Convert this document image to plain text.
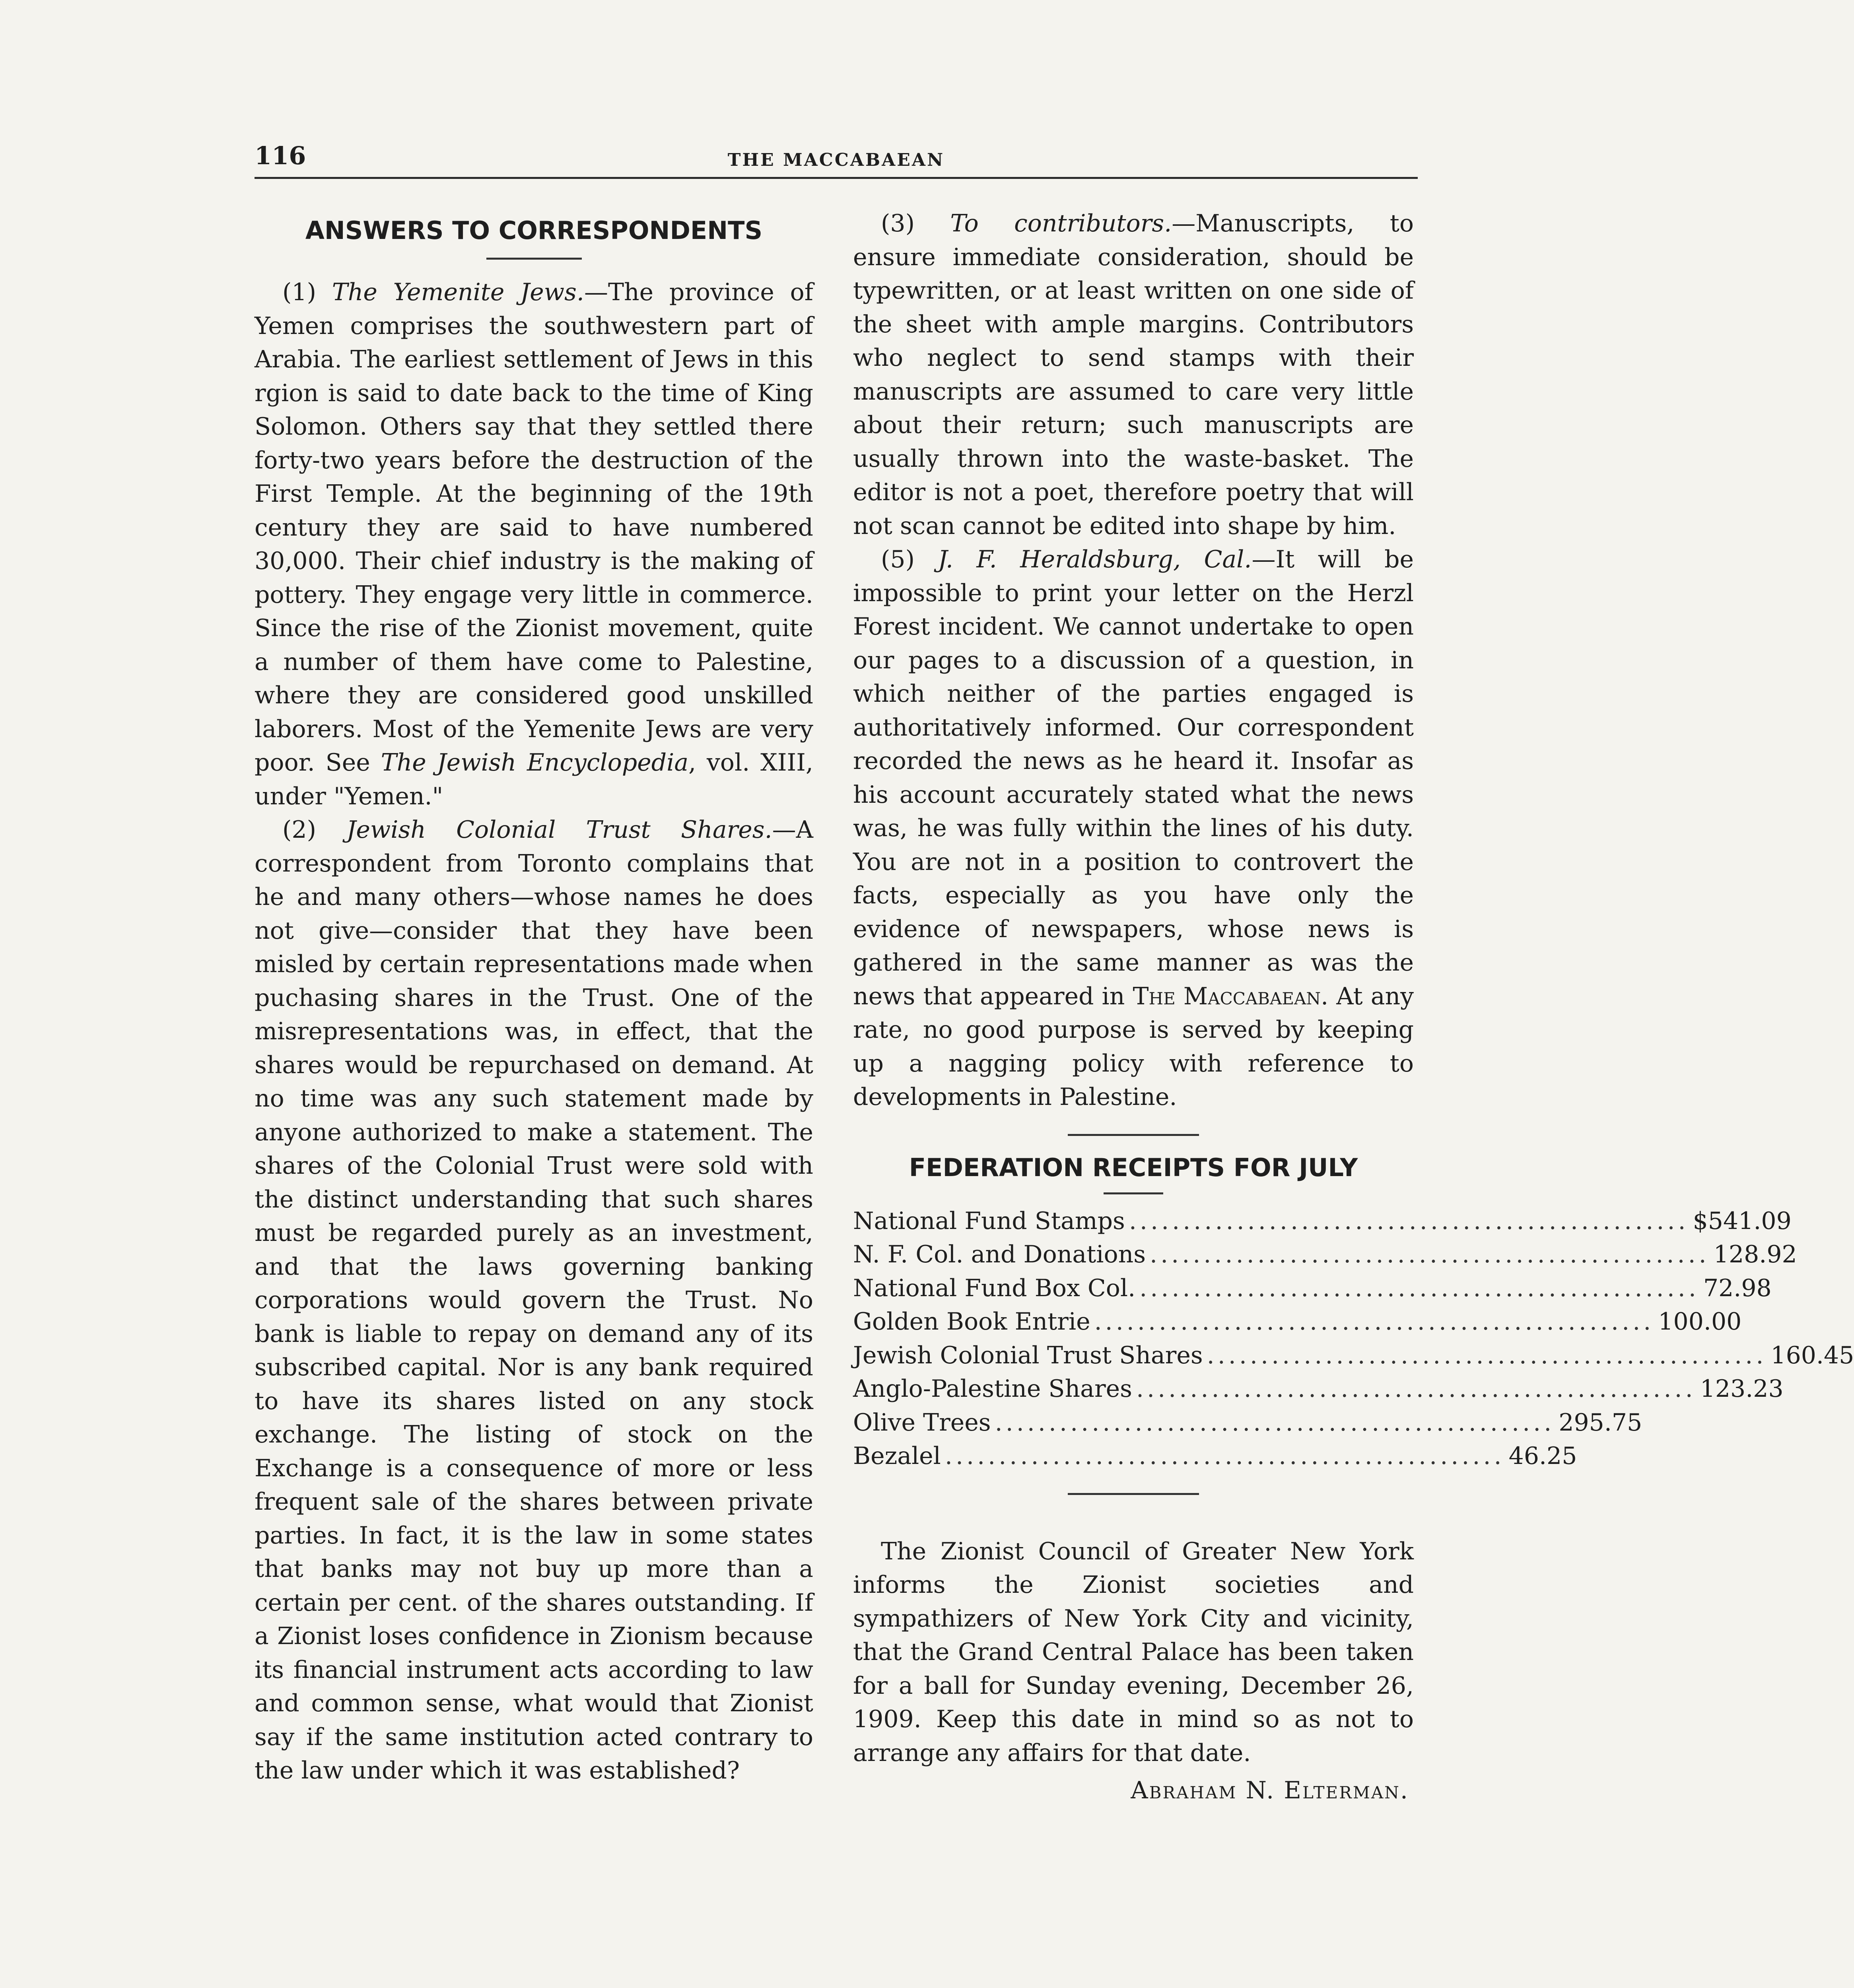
116	THE MACCABAEAN
ANSWERS TO CORRESPONDENTS

(1) The Yemenite Jews.—The province of Yemen comprises the southwestern part of Arabia. The earliest settlement of Jews in this rgion is said to date back to the time of King Solomon. Others say that they settled there forty-two years before the destruction of the First Temple. At the beginning of the 19th century they are said to have numbered 30,000. Their chief industry is the making of pottery. They engage very little in commerce. Since the rise of the Zionist movement, quite a number of them have come to Palestine, where they are considered good unskilled laborers. Most of the Yemenite Jews are very poor. See The Jewish Encyclopedia, vol. XIII, under "Yemen."

(2) Jewish Colonial Trust Shares.—A correspondent from Toronto complains that he and many others—whose names he does not give—consider that they have been misled by certain representations made when puchasing shares in the Trust. One of the misrepresentations was, in effect, that the shares would be repurchased on demand. At no time was any such statement made by anyone authorized to make a statement. The shares of the Colonial Trust were sold with the distinct understanding that such shares must be regarded purely as an investment, and that the laws governing banking corporations would govern the Trust. No bank is liable to repay on demand any of its subscribed capital. Nor is any bank required to have its shares listed on any stock exchange. The listing of stock on the Exchange is a consequence of more or less frequent sale of the shares between private parties. In fact, it is the law in some states that banks may not buy up more than a certain per cent. of the shares outstanding. If a Zionist loses confidence in Zionism because its financial instrument acts according to law and common sense, what would that Zionist say if the same institution acted contrary to the law under which it was established?

(3) To contributors.—Manuscripts, to ensure immediate consideration, should be typewritten, or at least written on one side of the sheet with ample margins. Contributors who neglect to send stamps with their manuscripts are assumed to care very little about their return; such manuscripts are usually thrown into the waste-basket. The editor is not a poet, therefore poetry that will not scan cannot be edited into shape by him.

(5) J. F. Heraldsburg, Cal.—It will be impossible to print your letter on the Herzl Forest incident. We cannot undertake to open our pages to a discussion of a question, in which neither of the parties engaged is authoritatively informed. Our correspondent recorded the news as he heard it. Insofar as his account accurately stated what the news was, he was fully within the lines of his duty. You are not in a position to controvert the facts, especially as you have only the evidence of newspapers, whose news is gathered in the same manner as was the news that appeared in The Maccabaean. At any rate, no good purpose is served by keeping up a nagging policy with reference to developments in Palestine.

FEDERATION RECEIPTS FOR JULY
National Fund Stamps .................................................... $541.09
N. F. Col. and Donations .................................................... 128.92
National Fund Box Col. .................................................... 72.98
Golden Book Entrie .................................................... 100.00
Jewish Colonial Trust Shares .................................................... 160.45
Anglo-Palestine Shares .................................................... 123.23
Olive Trees .................................................... 295.75
Bezalel .................................................... 46.25

The Zionist Council of Greater New York informs the Zionist societies and sympathizers of New York City and vicinity, that the Grand Central Palace has been taken for a ball for Sunday evening, December 26, 1909. Keep this date in mind so as not to arrange any affairs for that date.

Abraham N. Elterman.
